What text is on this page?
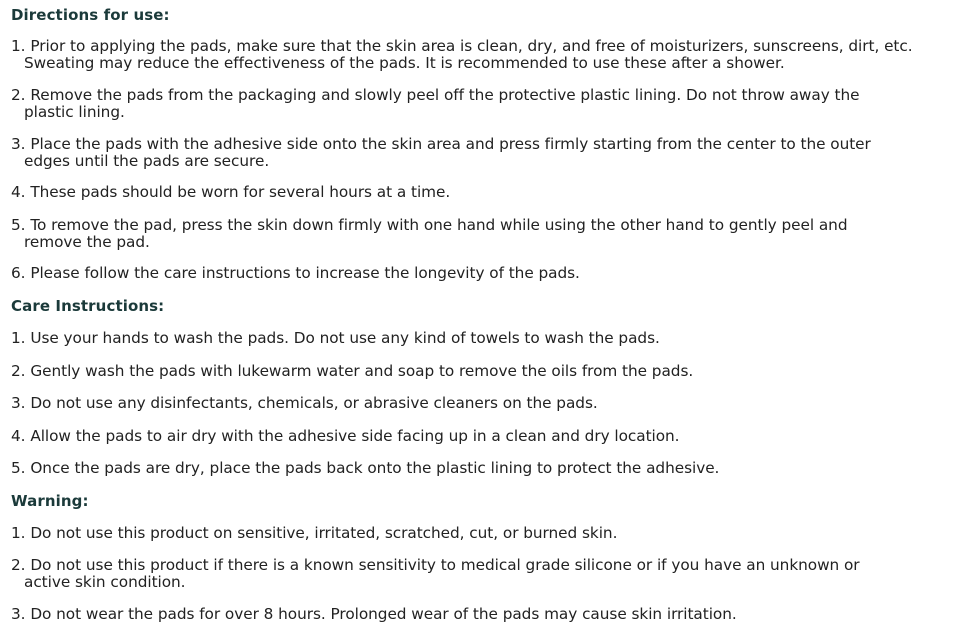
Directions for use:
1. Prior to applying the pads, make sure that the skin area is clean, dry, and free of moisturizers, sunscreens, dirt, etc.
Sweating may reduce the effectiveness of the pads. It is recommended to use these after a shower.
2. Remove the pads from the packaging and slowly peel off the protective plastic lining. Do not throw away the
plastic lining.
3. Place the pads with the adhesive side onto the skin area and press firmly starting from the center to the outer
edges until the pads are secure.
4. These pads should be worn for several hours at a time.
5. To remove the pad, press the skin down firmly with one hand while using the other hand to gently peel and
remove the pad.
6. Please follow the care instructions to increase the longevity of the pads.
Care Instructions:
1. Use your hands to wash the pads. Do not use any kind of towels to wash the pads.
2. Gently wash the pads with lukewarm water and soap to remove the oils from the pads.
3. Do not use any disinfectants, chemicals, or abrasive cleaners on the pads.
4. Allow the pads to air dry with the adhesive side facing up in a clean and dry location.
5. Once the pads are dry, place the pads back onto the plastic lining to protect the adhesive.
Warning:
1. Do not use this product on sensitive, irritated, scratched, cut, or burned skin.
2. Do not use this product if there is a known sensitivity to medical grade silicone or if you have an unknown or
active skin condition.
3. Do not wear the pads for over 8 hours. Prolonged wear of the pads may cause skin irritation.
